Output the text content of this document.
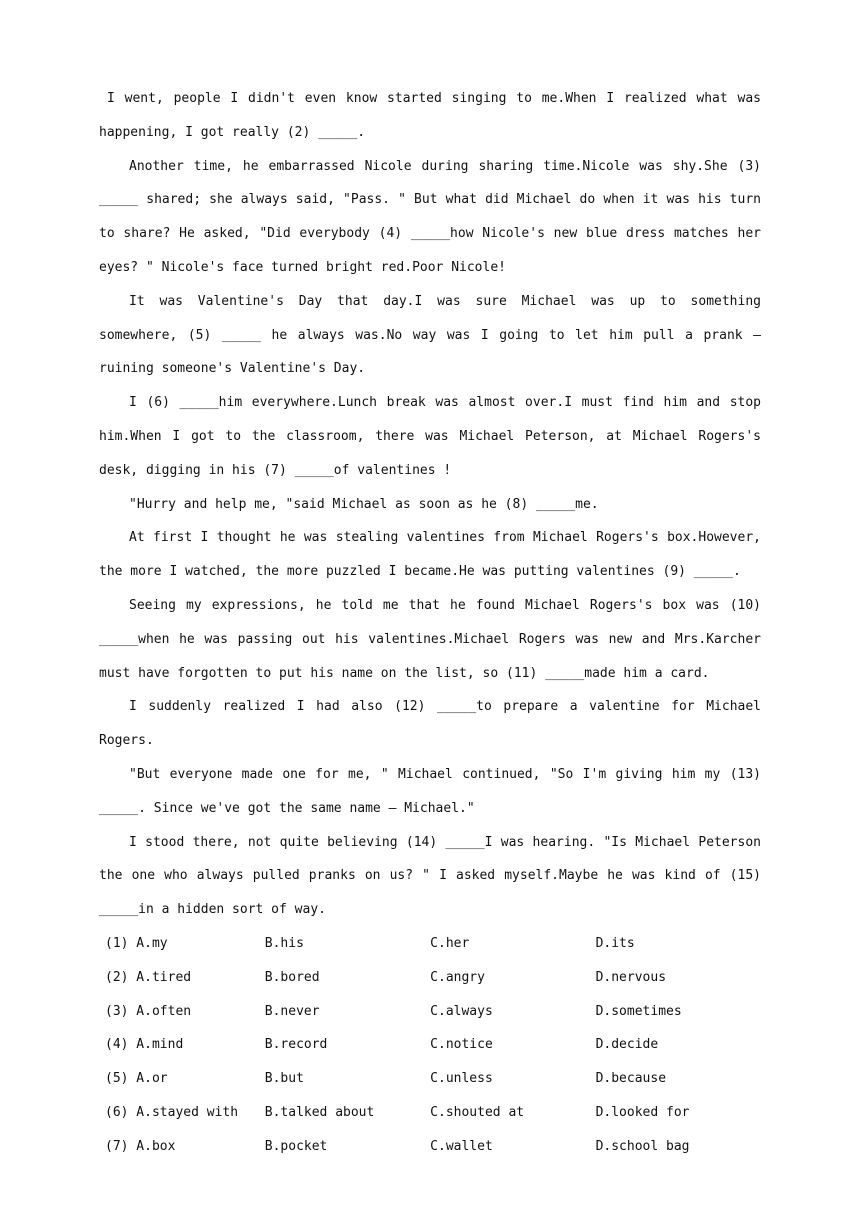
I went, people I didn't even know started singing to me.When I realized what was happening, I got really (2) _____.

Another time, he embarrassed Nicole during sharing time.Nicole was shy.She (3) _____ shared; she always said, "Pass. " But what did Michael do when it was his turn to share? He asked, "Did everybody (4) _____how Nicole's new blue dress matches her eyes? " Nicole's face turned bright red.Poor Nicole!

It was Valentine's Day that day.I was sure Michael was up to something somewhere, (5) _____ he always was.No way was I going to let him pull a prank — ruining someone's Valentine's Day.

I (6) _____him everywhere.Lunch break was almost over.I must find him and stop him.When I got to the classroom, there was Michael Peterson, at Michael Rogers's desk, digging in his (7) _____of valentines !

"Hurry and help me, "said Michael as soon as he (8) _____me.

At first I thought he was stealing valentines from Michael Rogers's box.However, the more I watched, the more puzzled I became.He was putting valentines (9) _____.

Seeing my expressions, he told me that he found Michael Rogers's box was (10) _____when he was passing out his valentines.Michael Rogers was new and Mrs.Karcher must have forgotten to put his name on the list, so (11) _____made him a card.

I suddenly realized I had also (12) _____to prepare a valentine for Michael Rogers.

"But everyone made one for me, " Michael continued, "So I'm giving him my (13) _____. Since we've got the same name — Michael."

I stood there, not quite believing (14) _____I was hearing. "Is Michael Peterson the one who always pulled pranks on us? " I asked myself.Maybe he was kind of (15) _____in a hidden sort of way.

(1) A.my	B.his	C.her	D.its
(2) A.tired	B.bored	C.angry	D.nervous
(3) A.often	B.never	C.always	D.sometimes
(4) A.mind	B.record	C.notice	D.decide
(5) A.or	B.but	C.unless	D.because
(6) A.stayed with	B.talked about	C.shouted at	D.looked for
(7) A.box	B.pocket	C.wallet	D.school bag
